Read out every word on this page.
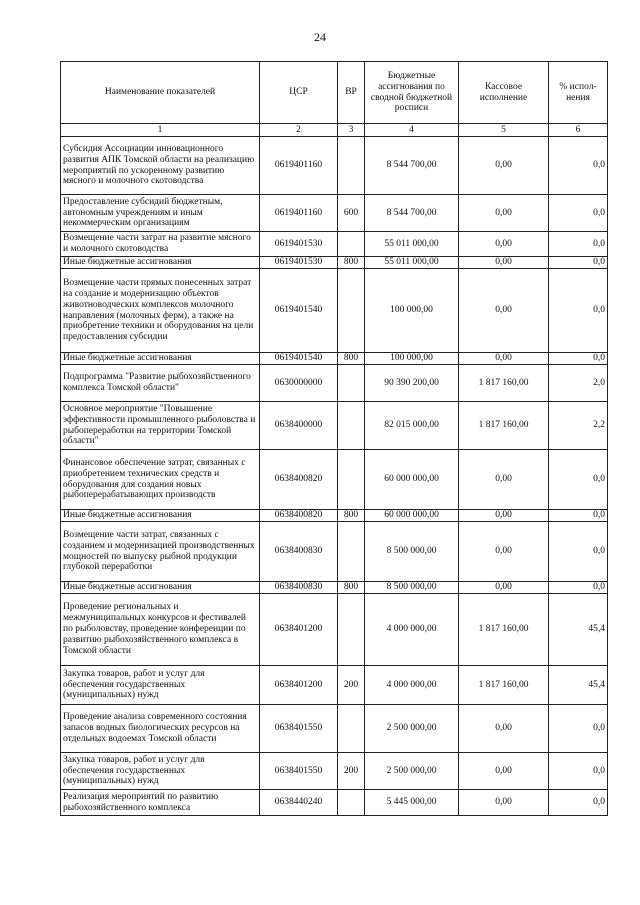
24
Наименование показателей	ЦСР	ВР	Бюджетные ассигнования по сводной бюджетной росписи	Кассовое исполнение	% испол-нения
1	2	3	4	5	6
Субсидия Ассоциации инновационного развития АПК Томской области на реализацию мероприятий по ускоренному развитию мясного и молочного скотоводства	0619401160		8 544 700,00	0,00	0,0
Предоставление субсидий бюджетным, автономным учреждениям и иным некоммерческим организациям	0619401160	600	8 544 700,00	0,00	0,0
Возмещение части затрат на развитие мясного и молочного скотоводства	0619401530		55 011 000,00	0,00	0,0
Иные бюджетные ассигнования	0619401530	800	55 011 000,00	0,00	0,0
Возмещение части прямых понесенных затрат на создание и модернизацию объектов животноводческих комплексов молочного направления (молочных ферм), а также на приобретение техники и оборудования на цели предоставления субсидии	0619401540		100 000,00	0,00	0,0
Иные бюджетные ассигнования	0619401540	800	100 000,00	0,00	0,0
Подпрограмма "Развитие рыбохозяйственного комплекса Томской области"	0630000000		90 390 200,00	1 817 160,00	2,0
Основное мероприятие "Повышение эффективности промышленного рыболовства и рыбопереработки на территории Томской области"	0638400000		82 015 000,00	1 817 160,00	2,2
Финансовое обеспечение затрат, связанных с приобретением технических средств и оборудования для создания новых рыбоперерабатывающих производств	0638400820		60 000 000,00	0,00	0,0
Иные бюджетные ассигнования	0638400820	800	60 000 000,00	0,00	0,0
Возмещение части затрат, связанных с созданием и модернизацией производственных мощностей по выпуску рыбной продукции глубокой переработки	0638400830		8 500 000,00	0,00	0,0
Иные бюджетные ассигнования	0638400830	800	8 500 000,00	0,00	0,0
Проведение региональных и межмуниципальных конкурсов и фестивалей по рыболовству, проведение конференции по развитию рыбохозяйственного комплекса в Томской области	0638401200		4 000 000,00	1 817 160,00	45,4
Закупка товаров, работ и услуг для обеспечения государственных (муниципальных) нужд	0638401200	200	4 000 000,00	1 817 160,00	45,4
Проведение анализа современного состояния запасов водных биологических ресурсов на отдельных водоемах Томской области	0638401550		2 500 000,00	0,00	0,0
Закупка товаров, работ и услуг для обеспечения государственных (муниципальных) нужд	0638401550	200	2 500 000,00	0,00	0,0
Реализация мероприятий по развитию рыбохозяйственного комплекса	0638440240		5 445 000,00	0,00	0,0
